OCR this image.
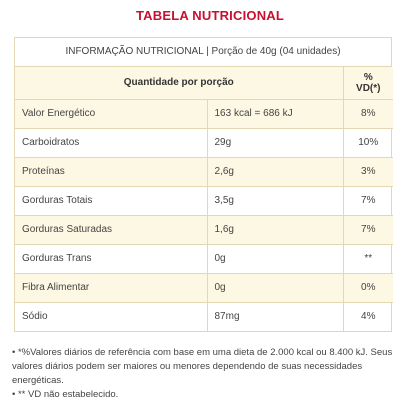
TABELA NUTRICIONAL
INFORMAÇÃO NUTRICIONAL | Porção de 40g (04 unidades)
Quantidade por porção		% VD(*)
Valor Energético	163 kcal = 686 kJ	8%
Carboidratos	29g	10%
Proteínas	2,6g	3%
Gorduras Totais	3,5g	7%
Gorduras Saturadas	1,6g	7%
Gorduras Trans	0g	**
Fibra Alimentar	0g	0%
Sódio	87mg	4%

• *%Valores diários de referência com base em uma dieta de 2.000 kcal ou 8.400 kJ. Seus valores diários podem ser maiores ou menores dependendo de suas necessidades energéticas.

• ** VD não estabelecido.
